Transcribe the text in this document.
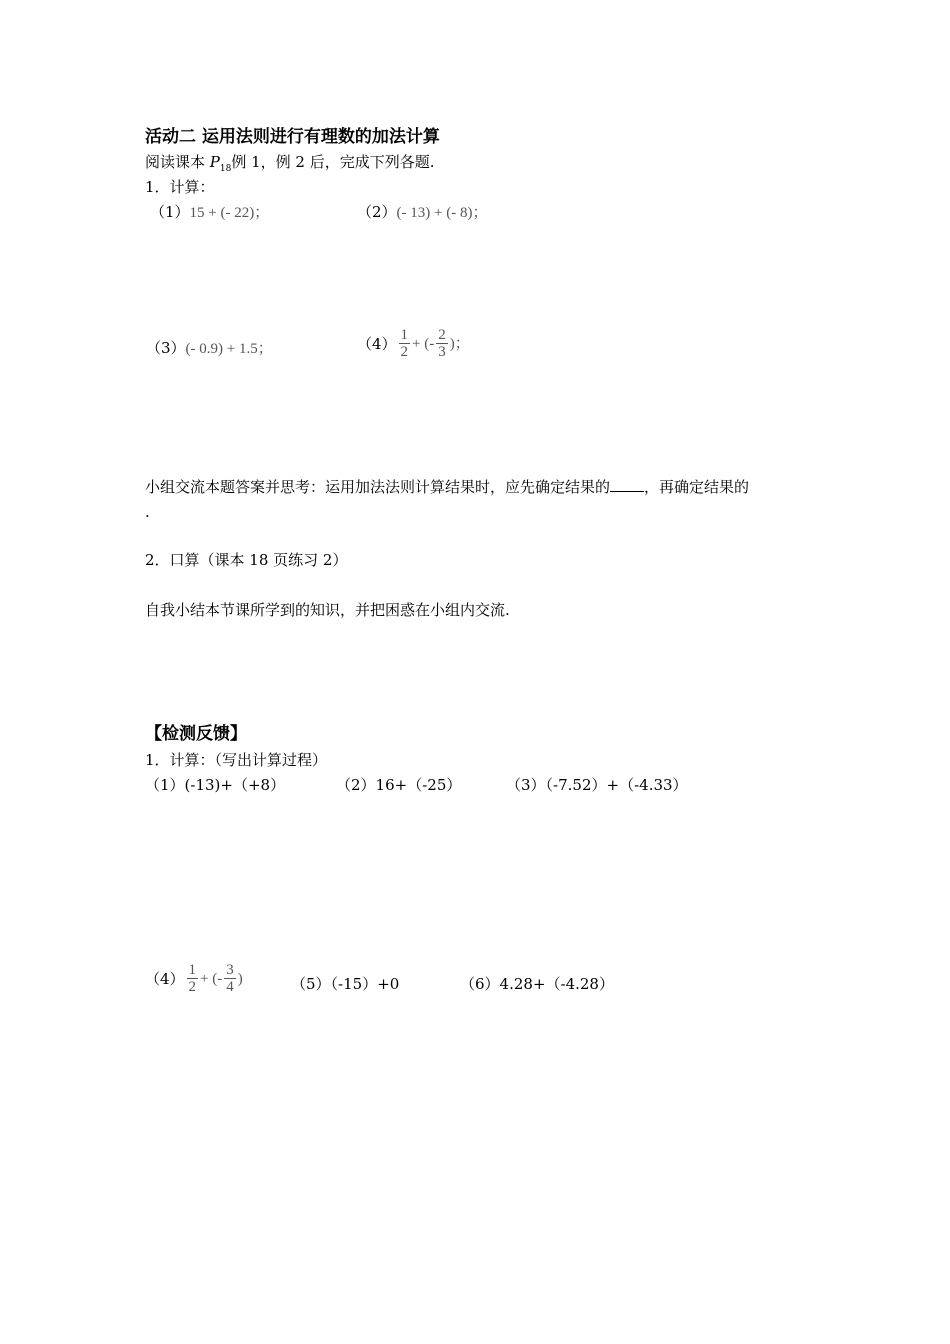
活动二 运用法则进行有理数的加法计算
阅读课本 $P_{18}$例 1，例 2 后，完成下列各题.
1．计算：
（1）15 + (- 22)；	（2）(- 13) + (- 8)；
（3）(- 0.9) + 1.5；	$(4) \frac{1}{2}$ + (- $\frac{2}{3}$ )；
小组交流本题答案并思考：运用加法法则计算结果时，应先确定结果的 ，再确定结果的
.
2．口算（课本 18 页练习 2）
自我小结本节课所学到的知识，并把困惑在小组内交流.
【检测反馈】
1．计算：（写出计算过程）
（1）(-13)+（+8）	（2）16+（-25）	（3）（-7.52）+（-4.33）
$(4) \frac{1}{2}$ + (- $\frac{3}{4}$ )	（5）（-15）+0	（6）4.28+（-4.28）
